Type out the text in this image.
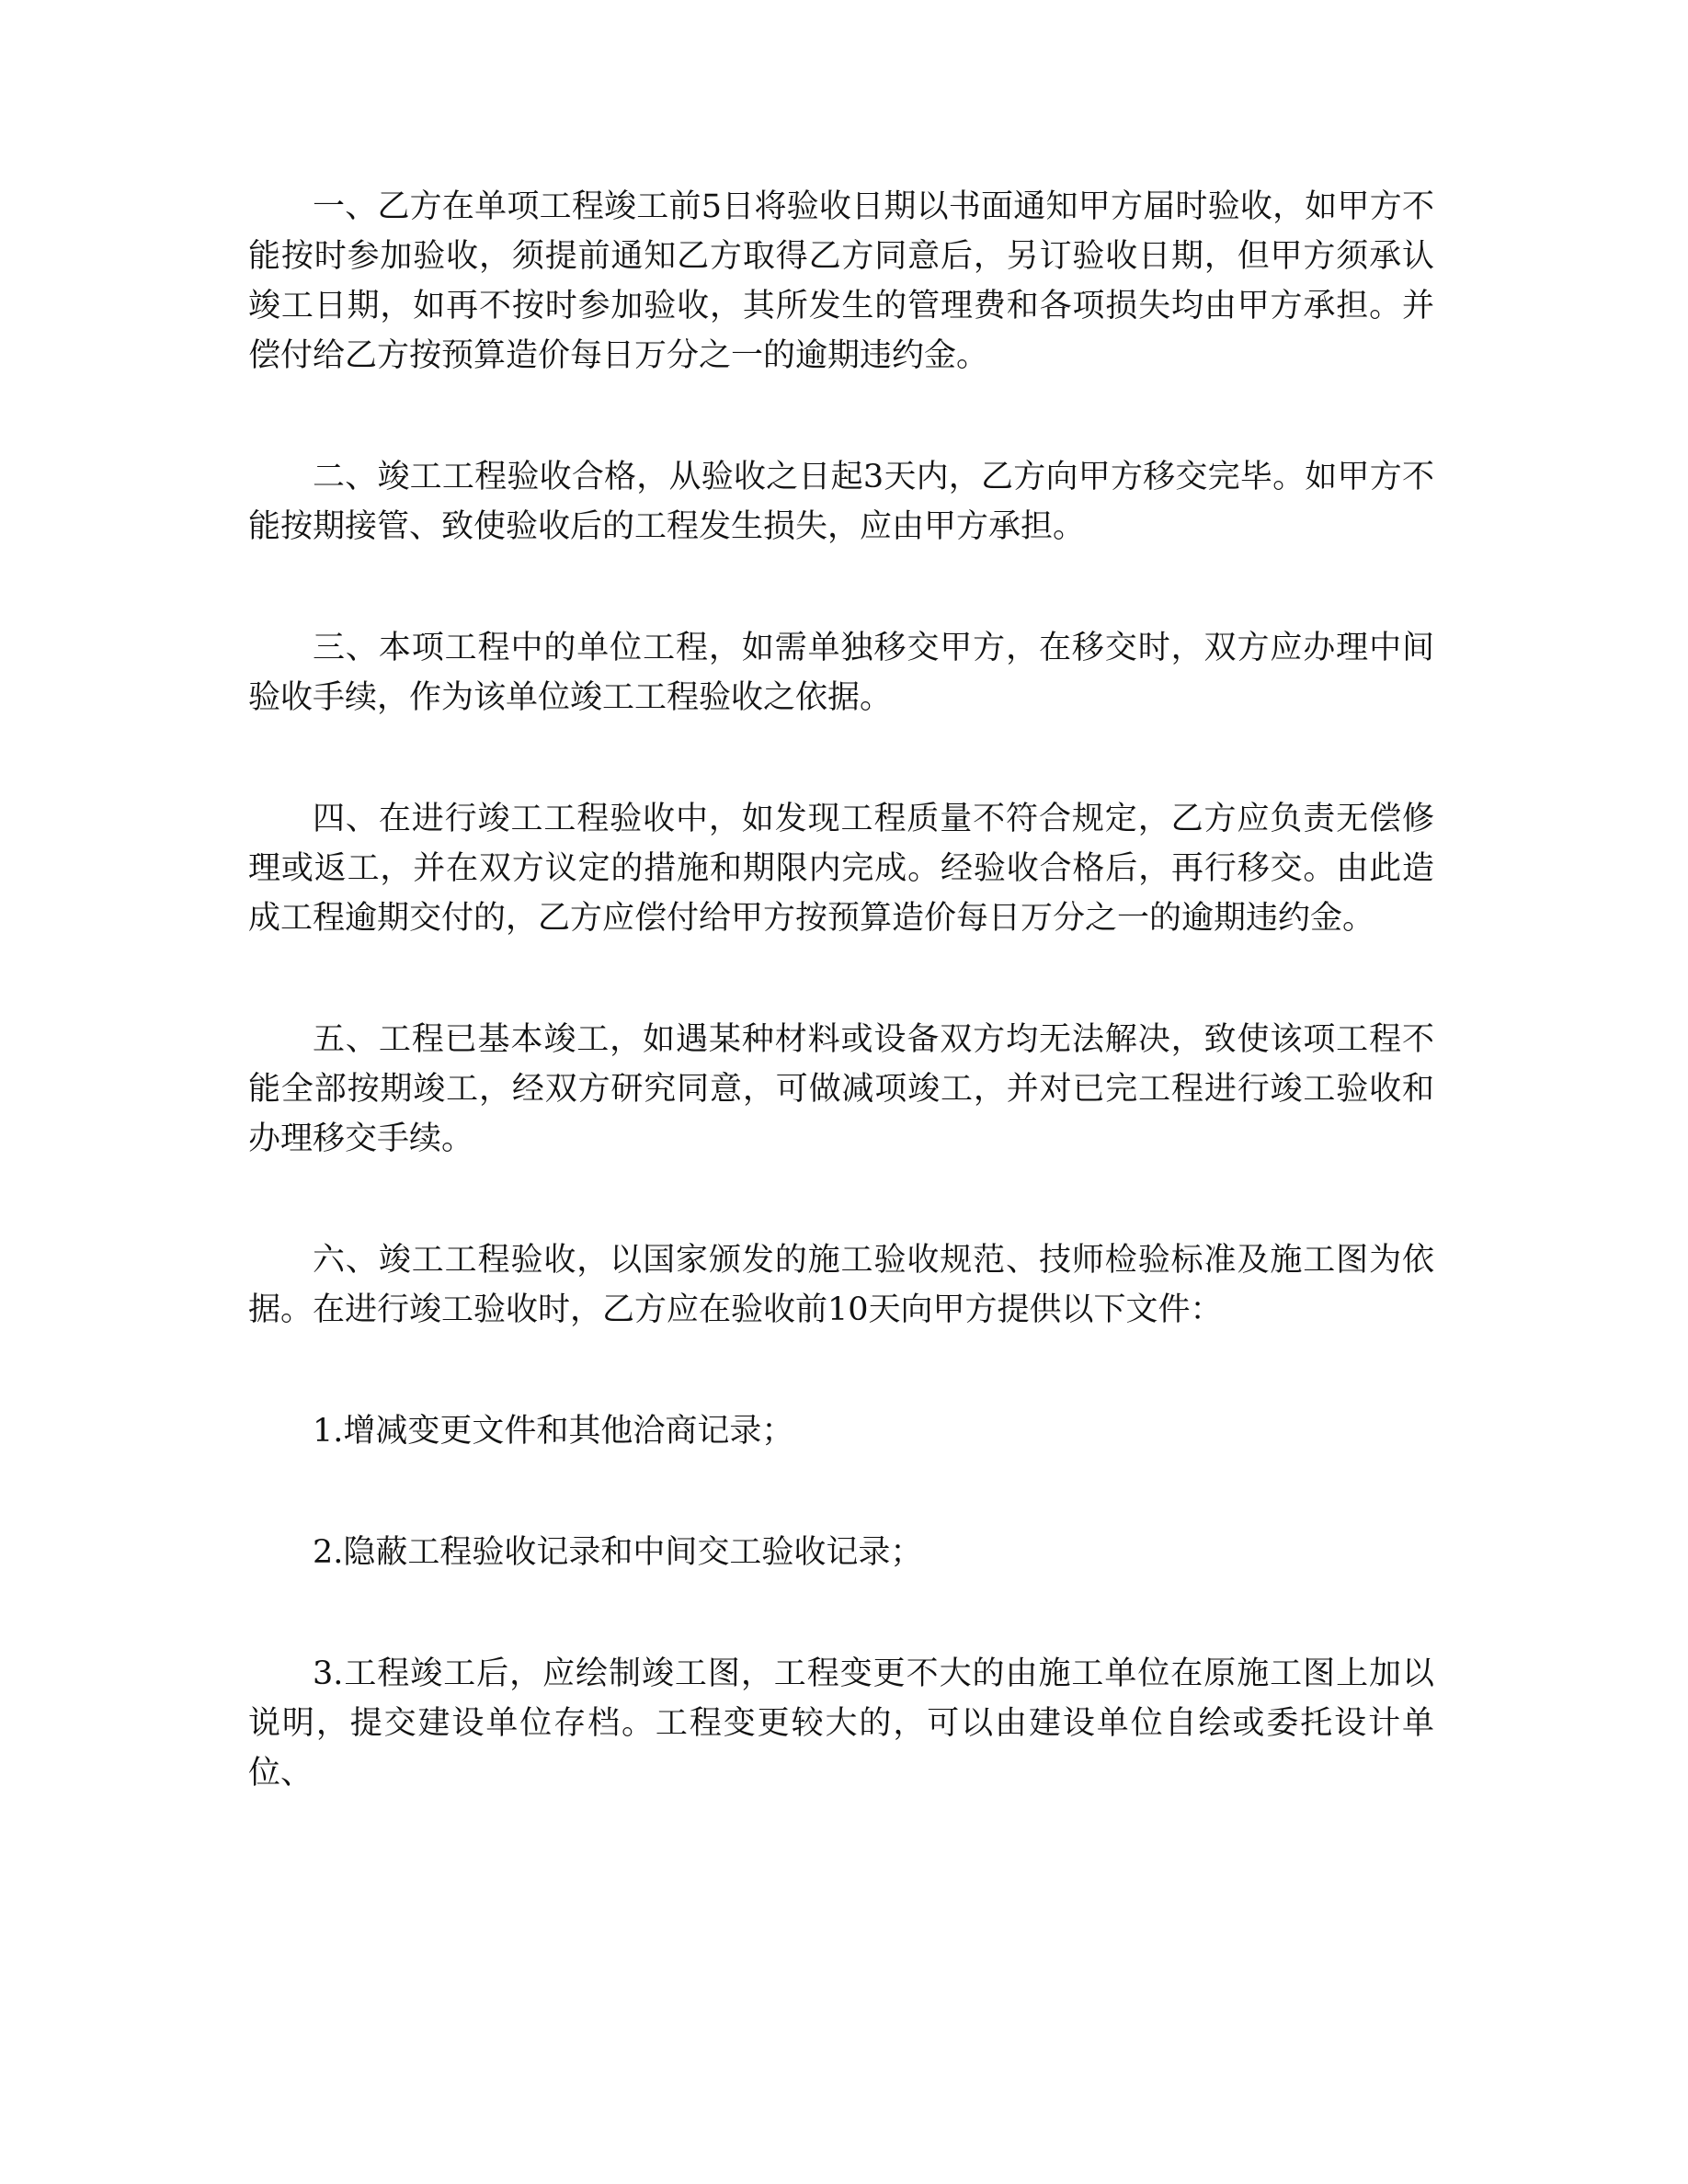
一、乙方在单项工程竣工前5日将验收日期以书面通知甲方届时验收，如甲方不能按时参加验收，须提前通知乙方取得乙方同意后，另订验收日期，但甲方须承认竣工日期，如再不按时参加验收，其所发生的管理费和各项损失均由甲方承担。并偿付给乙方按预算造价每日万分之一的逾期违约金。

二、竣工工程验收合格，从验收之日起3天内，乙方向甲方移交完毕。如甲方不能按期接管、致使验收后的工程发生损失，应由甲方承担。

三、本项工程中的单位工程，如需单独移交甲方，在移交时，双方应办理中间验收手续，作为该单位竣工工程验收之依据。

四、在进行竣工工程验收中，如发现工程质量不符合规定，乙方应负责无偿修理或返工，并在双方议定的措施和期限内完成。经验收合格后，再行移交。由此造成工程逾期交付的，乙方应偿付给甲方按预算造价每日万分之一的逾期违约金。

五、工程已基本竣工，如遇某种材料或设备双方均无法解决，致使该项工程不能全部按期竣工，经双方研究同意，可做减项竣工，并对已完工程进行竣工验收和办理移交手续。

六、竣工工程验收，以国家颁发的施工验收规范、技师检验标准及施工图为依据。在进行竣工验收时，乙方应在验收前10天向甲方提供以下文件：

1.增减变更文件和其他洽商记录；

2.隐蔽工程验收记录和中间交工验收记录；

3.工程竣工后，应绘制竣工图，工程变更不大的由施工单位在原施工图上加以说明，提交建设单位存档。工程变更较大的，可以由建设单位自绘或委托设计单位、
